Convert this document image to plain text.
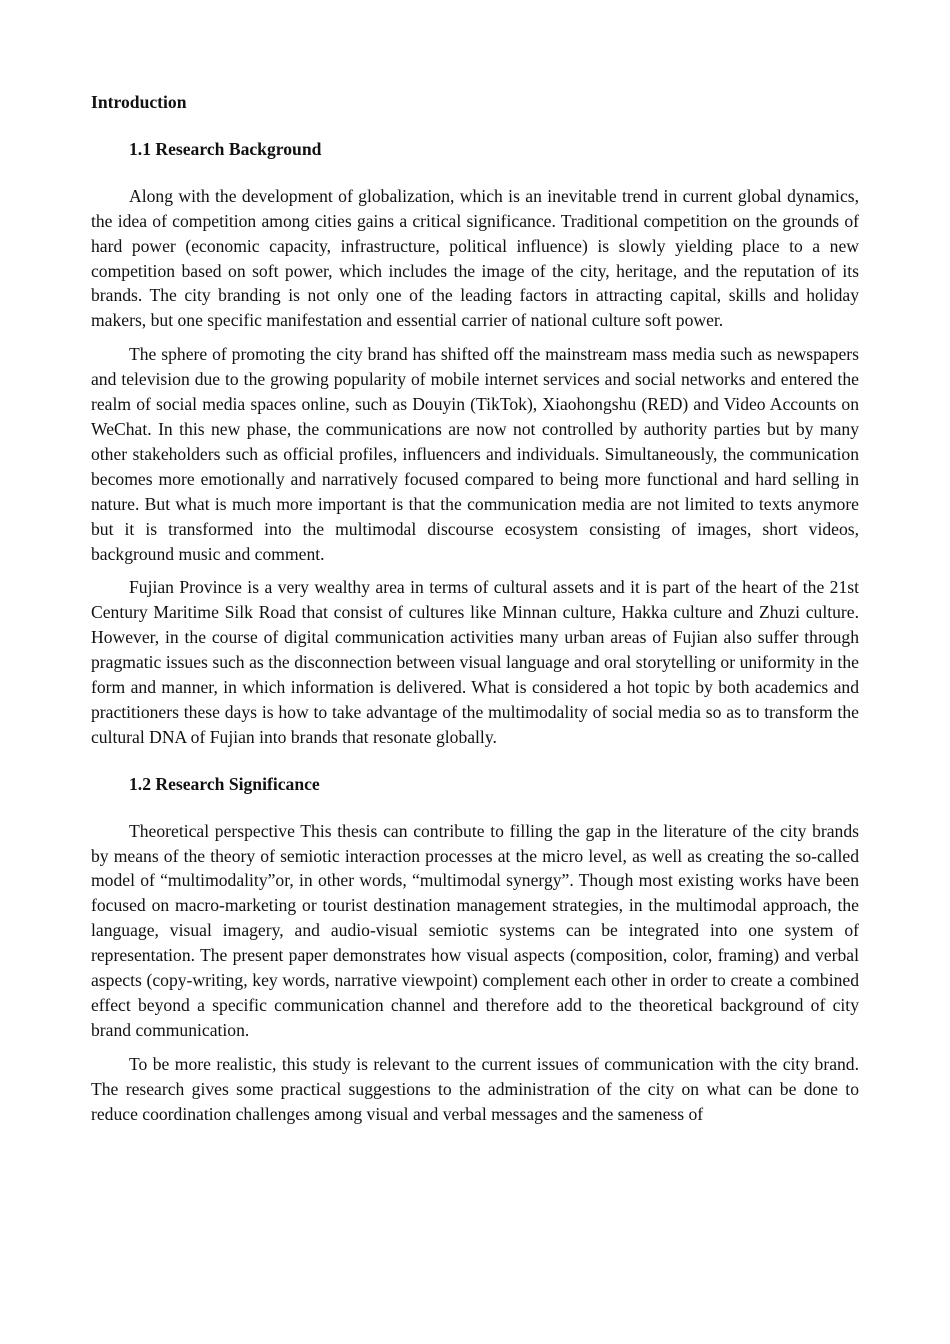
Introduction
1.1 Research Background

Along with the development of globalization, which is an inevitable trend in current global dynamics, the idea of competition among cities gains a critical significance. Traditional competition on the grounds of hard power (economic capacity, infrastructure, political influence) is slowly yielding place to a new competition based on soft power, which includes the image of the city, heritage, and the reputation of its brands. The city branding is not only one of the leading factors in attracting capital, skills and holiday makers, but one specific manifestation and essential carrier of national culture soft power.

The sphere of promoting the city brand has shifted off the mainstream mass media such as newspapers and television due to the growing popularity of mobile internet services and social networks and entered the realm of social media spaces online, such as Douyin (TikTok), Xiaohongshu (RED) and Video Accounts on WeChat. In this new phase, the communications are now not controlled by authority parties but by many other stakeholders such as official profiles, influencers and individuals. Simultaneously, the communication becomes more emotionally and narratively focused compared to being more functional and hard selling in nature. But what is much more important is that the communication media are not limited to texts anymore but it is transformed into the multimodal discourse ecosystem consisting of images, short videos, background music and comment.

Fujian Province is a very wealthy area in terms of cultural assets and it is part of the heart of the 21st Century Maritime Silk Road that consist of cultures like Minnan culture, Hakka culture and Zhuzi culture. However, in the course of digital communication activities many urban areas of Fujian also suffer through pragmatic issues such as the disconnection between visual language and oral storytelling or uniformity in the form and manner, in which information is delivered. What is considered a hot topic by both academics and practitioners these days is how to take advantage of the multimodality of social media so as to transform the cultural DNA of Fujian into brands that resonate globally.

1.2 Research Significance

Theoretical perspective This thesis can contribute to filling the gap in the literature of the city brands by means of the theory of semiotic interaction processes at the micro level, as well as creating the so-called model of “multimodality”or, in other words, “multimodal synergy”. Though most existing works have been focused on macro-marketing or tourist destination management strategies, in the multimodal approach, the language, visual imagery, and audio-visual semiotic systems can be integrated into one system of representation. The present paper demonstrates how visual aspects (composition, color, framing) and verbal aspects (copy-writing, key words, narrative viewpoint) complement each other in order to create a combined effect beyond a specific communication channel and therefore add to the theoretical background of city brand communication.

To be more realistic, this study is relevant to the current issues of communication with the city brand. The research gives some practical suggestions to the administration of the city on what can be done to reduce coordination challenges among visual and verbal messages and the sameness of
